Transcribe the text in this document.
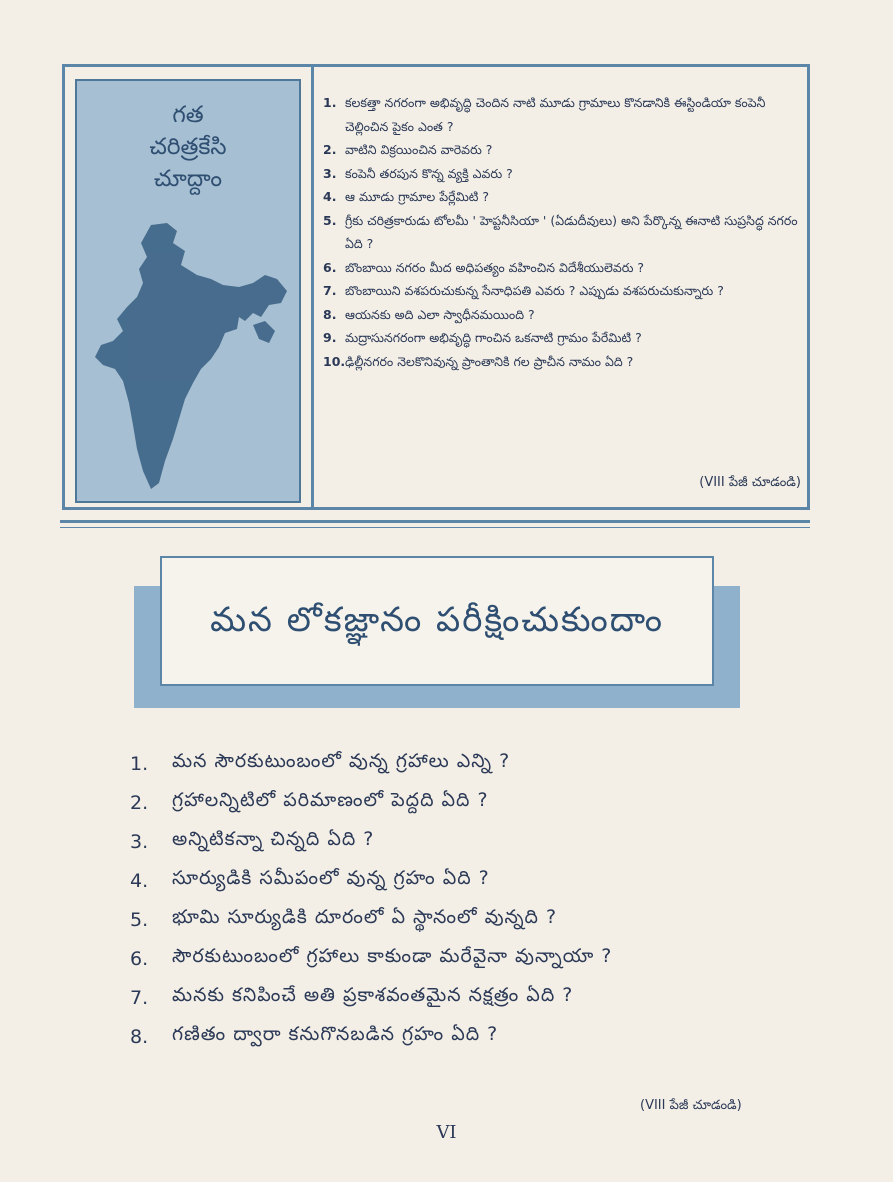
గత
చరిత్రకేసి
చూద్దాం
1. కలకత్తా నగరంగా అభివృద్ధి చెందిన నాటి మూడు గ్రామాలు కొనడానికి ఈస్టిండియా కంపెనీ చెల్లించిన పైకం ఎంత ?
2. వాటిని విక్రయించిన వారెవరు ?
3. కంపెనీ తరపున కొన్న వ్యక్తి ఎవరు ?
4. ఆ మూడు గ్రామాల పేర్లేమిటి ?
5. గ్రీకు చరిత్రకారుడు టోలమీ ' హెప్టనీసియా ' (ఏడుదీవులు) అని పేర్కొన్న ఈనాటి సుప్రసిద్ధ నగరం ఏది ?
6. బొంబాయి నగరం మీద అధిపత్యం వహించిన విదేశీయులెవరు ?
7. బొంబాయిని వశపరుచుకున్న సేనాధిపతి ఎవరు ? ఎప్పుడు వశపరుచుకున్నారు ?
8. ఆయనకు అది ఎలా స్వాధీనమయింది ?
9. మద్రాసునగరంగా అభివృద్ధి గాంచిన ఒకనాటి గ్రామం పేరేమిటి ?
10. ఢిల్లీనగరం నెలకొనివున్న ప్రాంతానికి గల ప్రాచీన నామం ఏది ?
(VIII పేజీ చూడండి)
మన లోకజ్ఞానం పరీక్షించుకుందాం
1.	మన సౌరకుటుంబంలో వున్న గ్రహాలు ఎన్ని ?
2.	గ్రహాలన్నిటిలో పరిమాణంలో పెద్దది ఏది ?
3.	అన్నిటికన్నా చిన్నది ఏది ?
4.	సూర్యుడికి సమీపంలో వున్న గ్రహం ఏది ?
5.	భూమి సూర్యుడికి దూరంలో ఏ స్థానంలో వున్నది ?
6.	సౌరకుటుంబంలో గ్రహాలు కాకుండా మరేవైనా వున్నాయా ?
7.	మనకు కనిపించే అతి ప్రకాశవంతమైన నక్షత్రం ఏది ?
8.	గణితం ద్వారా కనుగొనబడిన గ్రహం ఏది ?
(VIII పేజీ చూడండి)
VI
